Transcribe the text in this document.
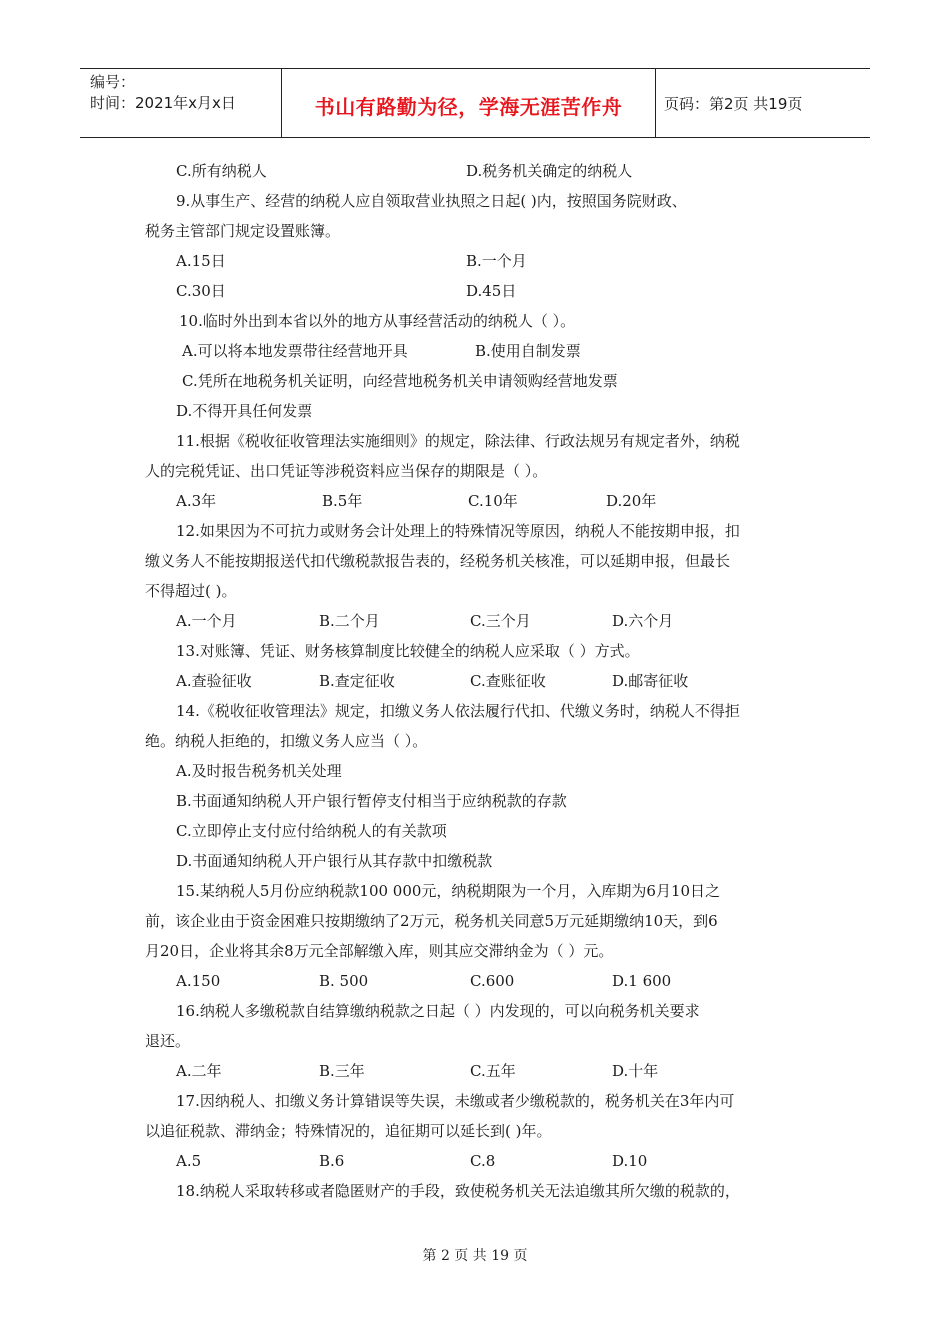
编号：
时间：2021年x月x日	书山有路勤为径，学海无涯苦作舟	页码：第2页 共19页
C.所有纳税人	D.税务机关确定的纳税人
9.从事生产、经营的纳税人应自领取营业执照之日起( )内，按照国务院财政、
税务主管部门规定设置账簿。
A.15日	B.一个月
C.30日	D.45日
10.临时外出到本省以外的地方从事经营活动的纳税人（ ）。
A.可以将本地发票带往经营地开具	B.使用自制发票
C.凭所在地税务机关证明，向经营地税务机关申请领购经营地发票
D.不得开具任何发票
11.根据《税收征收管理法实施细则》的规定，除法律、行政法规另有规定者外，纳税
人的完税凭证、出口凭证等涉税资料应当保存的期限是（ ）。
A.3年	B.5年	C.10年	D.20年
12.如果因为不可抗力或财务会计处理上的特殊情况等原因，纳税人不能按期申报，扣
缴义务人不能按期报送代扣代缴税款报告表的，经税务机关核准，可以延期申报，但最长
不得超过( )。
A.一个月	B.二个月	C.三个月	D.六个月
13.对账簿、凭证、财务核算制度比较健全的纳税人应采取（ ）方式。
A.查验征收	B.查定征收	C.查账征收	D.邮寄征收
14.《税收征收管理法》规定，扣缴义务人依法履行代扣、代缴义务时，纳税人不得拒
绝。纳税人拒绝的，扣缴义务人应当（ ）。
A.及时报告税务机关处理
B.书面通知纳税人开户银行暂停支付相当于应纳税款的存款
C.立即停止支付应付给纳税人的有关款项
D.书面通知纳税人开户银行从其存款中扣缴税款
15.某纳税人5月份应纳税款100 000元，纳税期限为一个月，入库期为6月10日之
前，该企业由于资金困难只按期缴纳了2万元，税务机关同意5万元延期缴纳10天，到6
月20日，企业将其余8万元全部解缴入库，则其应交滞纳金为（ ）元。
A.150	B. 500	C.600	D.1 600
16.纳税人多缴税款自结算缴纳税款之日起（ ）内发现的，可以向税务机关要求
退还。
A.二年	B.三年	C.五年	D.十年
17.因纳税人、扣缴义务计算错误等失误，未缴或者少缴税款的，税务机关在3年内可
以追征税款、滞纳金；特殊情况的，追征期可以延长到( )年。
A.5	B.6	C.8	D.10
18.纳税人采取转移或者隐匿财产的手段，致使税务机关无法追缴其所欠缴的税款的，
第 2 页 共 19 页
